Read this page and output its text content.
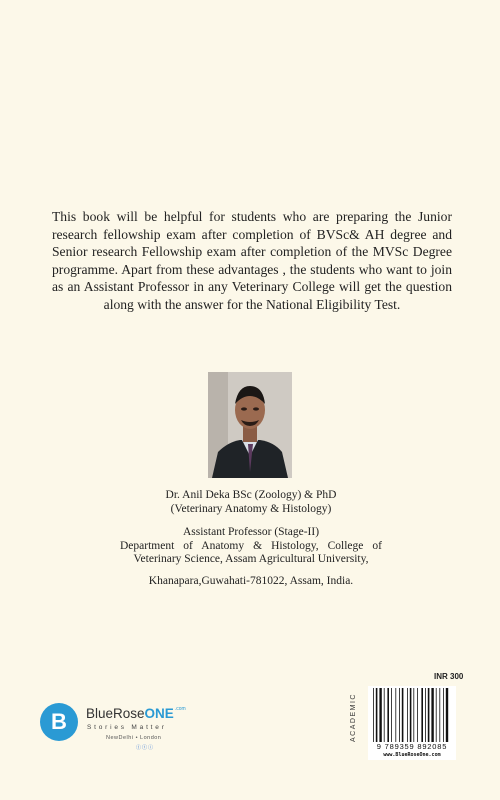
This book will be helpful for students who are preparing the Junior research fellowship exam after completion of BVSc& AH degree and Senior research Fellowship exam after completion of the MVSc Degree programme. Apart from these advantages , the students who want to join as an Assistant Professor in any Veterinary College will get the question along with the answer for the National Eligibility Test.

Dr. Anil Deka BSc (Zoology) & PhD

(Veterinary Anatomy & Histology)

Assistant Professor (Stage-II)

Department of Anatomy & Histology, College of Veterinary Science, Assam Agricultural University,

Khanapara,Guwahati-781022, Assam, India.

B	BlueRoseONE$^{.com}$
Stories Matter
NewDelhi • London
ⓕⓣⓘ
INR 300
ACADEMIC
9 789359 892085
www.BlueRoseOne.com
